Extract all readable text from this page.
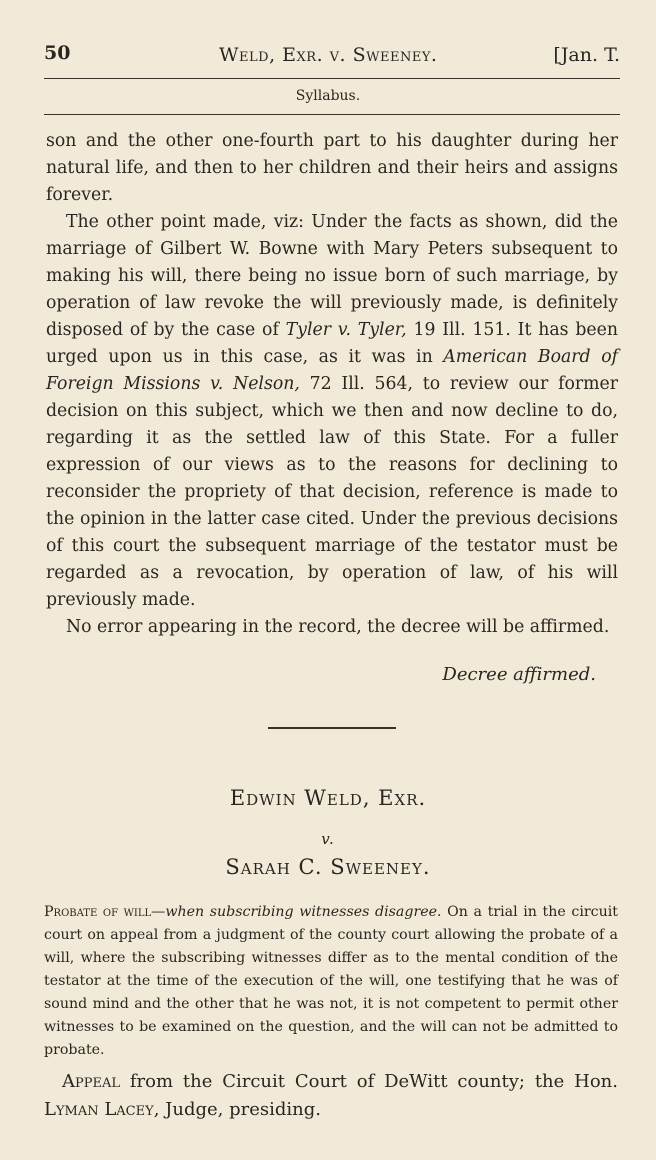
50	Weld, Exr. v. Sweeney.	[Jan. T.
Syllabus.

son and the other one-fourth part to his daughter during her natural life, and then to her children and their heirs and assigns forever.

The other point made, viz: Under the facts as shown, did the marriage of Gilbert W. Bowne with Mary Peters subsequent to making his will, there being no issue born of such marriage, by operation of law revoke the will previously made, is definitely disposed of by the case of Tyler v. Tyler, 19 Ill. 151. It has been urged upon us in this case, as it was in American Board of Foreign Missions v. Nelson, 72 Ill. 564, to review our former decision on this subject, which we then and now decline to do, regarding it as the settled law of this State. For a fuller expression of our views as to the reasons for declining to reconsider the propriety of that decision, reference is made to the opinion in the latter case cited. Under the previous decisions of this court the subsequent marriage of the testator must be regarded as a revocation, by operation of law, of his will previously made.

No error appearing in the record, the decree will be affirmed.

Decree affirmed.
Edwin Weld, Exr.
v.
Sarah C. Sweeney.
Probate of will—when subscribing witnesses disagree. On a trial in the circuit court on appeal from a judgment of the county court allowing the probate of a will, where the subscribing witnesses differ as to the mental condition of the testator at the time of the execution of the will, one testifying that he was of sound mind and the other that he was not, it is not competent to permit other witnesses to be examined on the question, and the will can not be admitted to probate.
Appeal from the Circuit Court of DeWitt county; the Hon. Lyman Lacey, Judge, presiding.
